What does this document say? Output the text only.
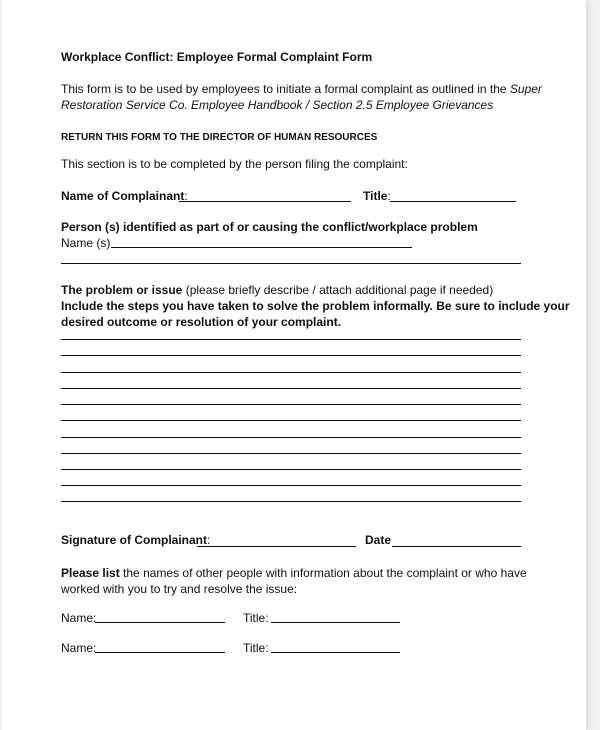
Workplace Conflict: Employee Formal Complaint Form
This form is to be used by employees to initiate a formal complaint as outlined in the Super
Restoration Service Co. Employee Handbook / Section 2.5 Employee Grievances
RETURN THIS FORM TO THE DIRECTOR OF HUMAN RESOURCES
This section is to be completed by the person filing the complaint:
Name of Complainant:	Title:
Person (s) identified as part of or causing the conflict/workplace problem
Name (s)
The problem or issue (please briefly describe / attach additional page if needed)
Include the steps you have taken to solve the problem informally. Be sure to include your
desired outcome or resolution of your complaint.
Signature of Complainant:	Date
Please list the names of other people with information about the complaint or who have
worked with you to try and resolve the issue:
Name:	Title:
Name:	Title:
